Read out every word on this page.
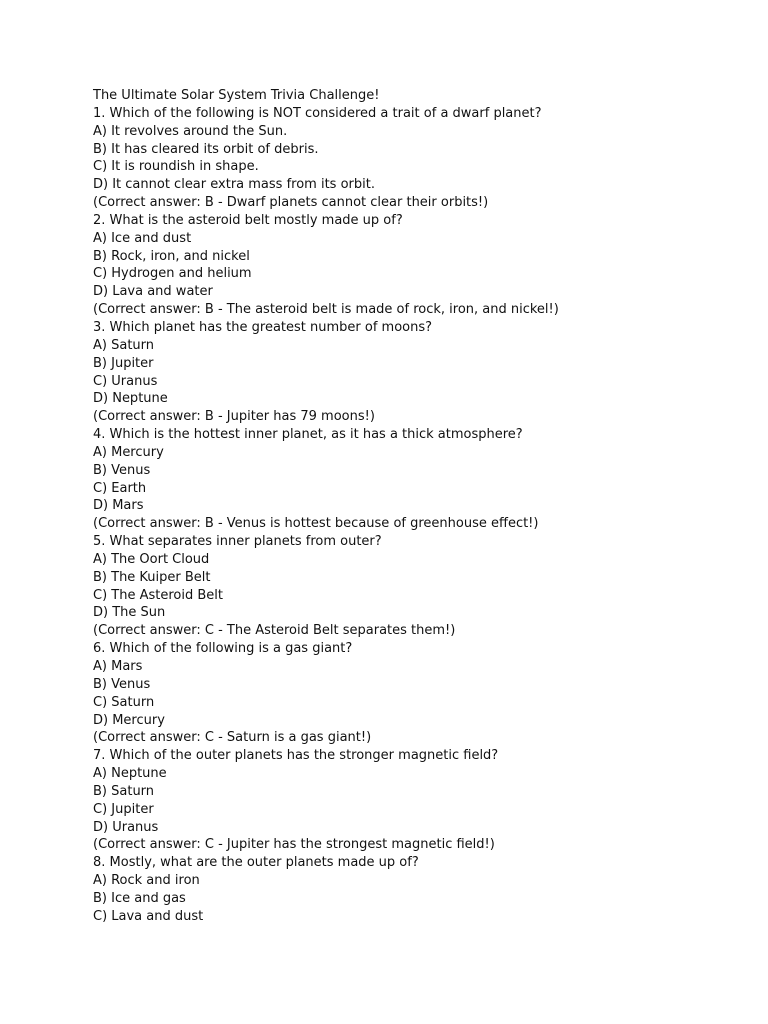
The Ultimate Solar System Trivia Challenge!

1. Which of the following is NOT considered a trait of a dwarf planet?

A) It revolves around the Sun.

B) It has cleared its orbit of debris.

C) It is roundish in shape.

D) It cannot clear extra mass from its orbit.

(Correct answer: B - Dwarf planets cannot clear their orbits!)

2. What is the asteroid belt mostly made up of?

A) Ice and dust

B) Rock, iron, and nickel

C) Hydrogen and helium

D) Lava and water

(Correct answer: B - The asteroid belt is made of rock, iron, and nickel!)

3. Which planet has the greatest number of moons?

A) Saturn

B) Jupiter

C) Uranus

D) Neptune

(Correct answer: B - Jupiter has 79 moons!)

4. Which is the hottest inner planet, as it has a thick atmosphere?

A) Mercury

B) Venus

C) Earth

D) Mars

(Correct answer: B - Venus is hottest because of greenhouse effect!)

5. What separates inner planets from outer?

A) The Oort Cloud

B) The Kuiper Belt

C) The Asteroid Belt

D) The Sun

(Correct answer: C - The Asteroid Belt separates them!)

6. Which of the following is a gas giant?

A) Mars

B) Venus

C) Saturn

D) Mercury

(Correct answer: C - Saturn is a gas giant!)

7. Which of the outer planets has the stronger magnetic field?

A) Neptune

B) Saturn

C) Jupiter

D) Uranus

(Correct answer: C - Jupiter has the strongest magnetic field!)

8. Mostly, what are the outer planets made up of?

A) Rock and iron

B) Ice and gas

C) Lava and dust
